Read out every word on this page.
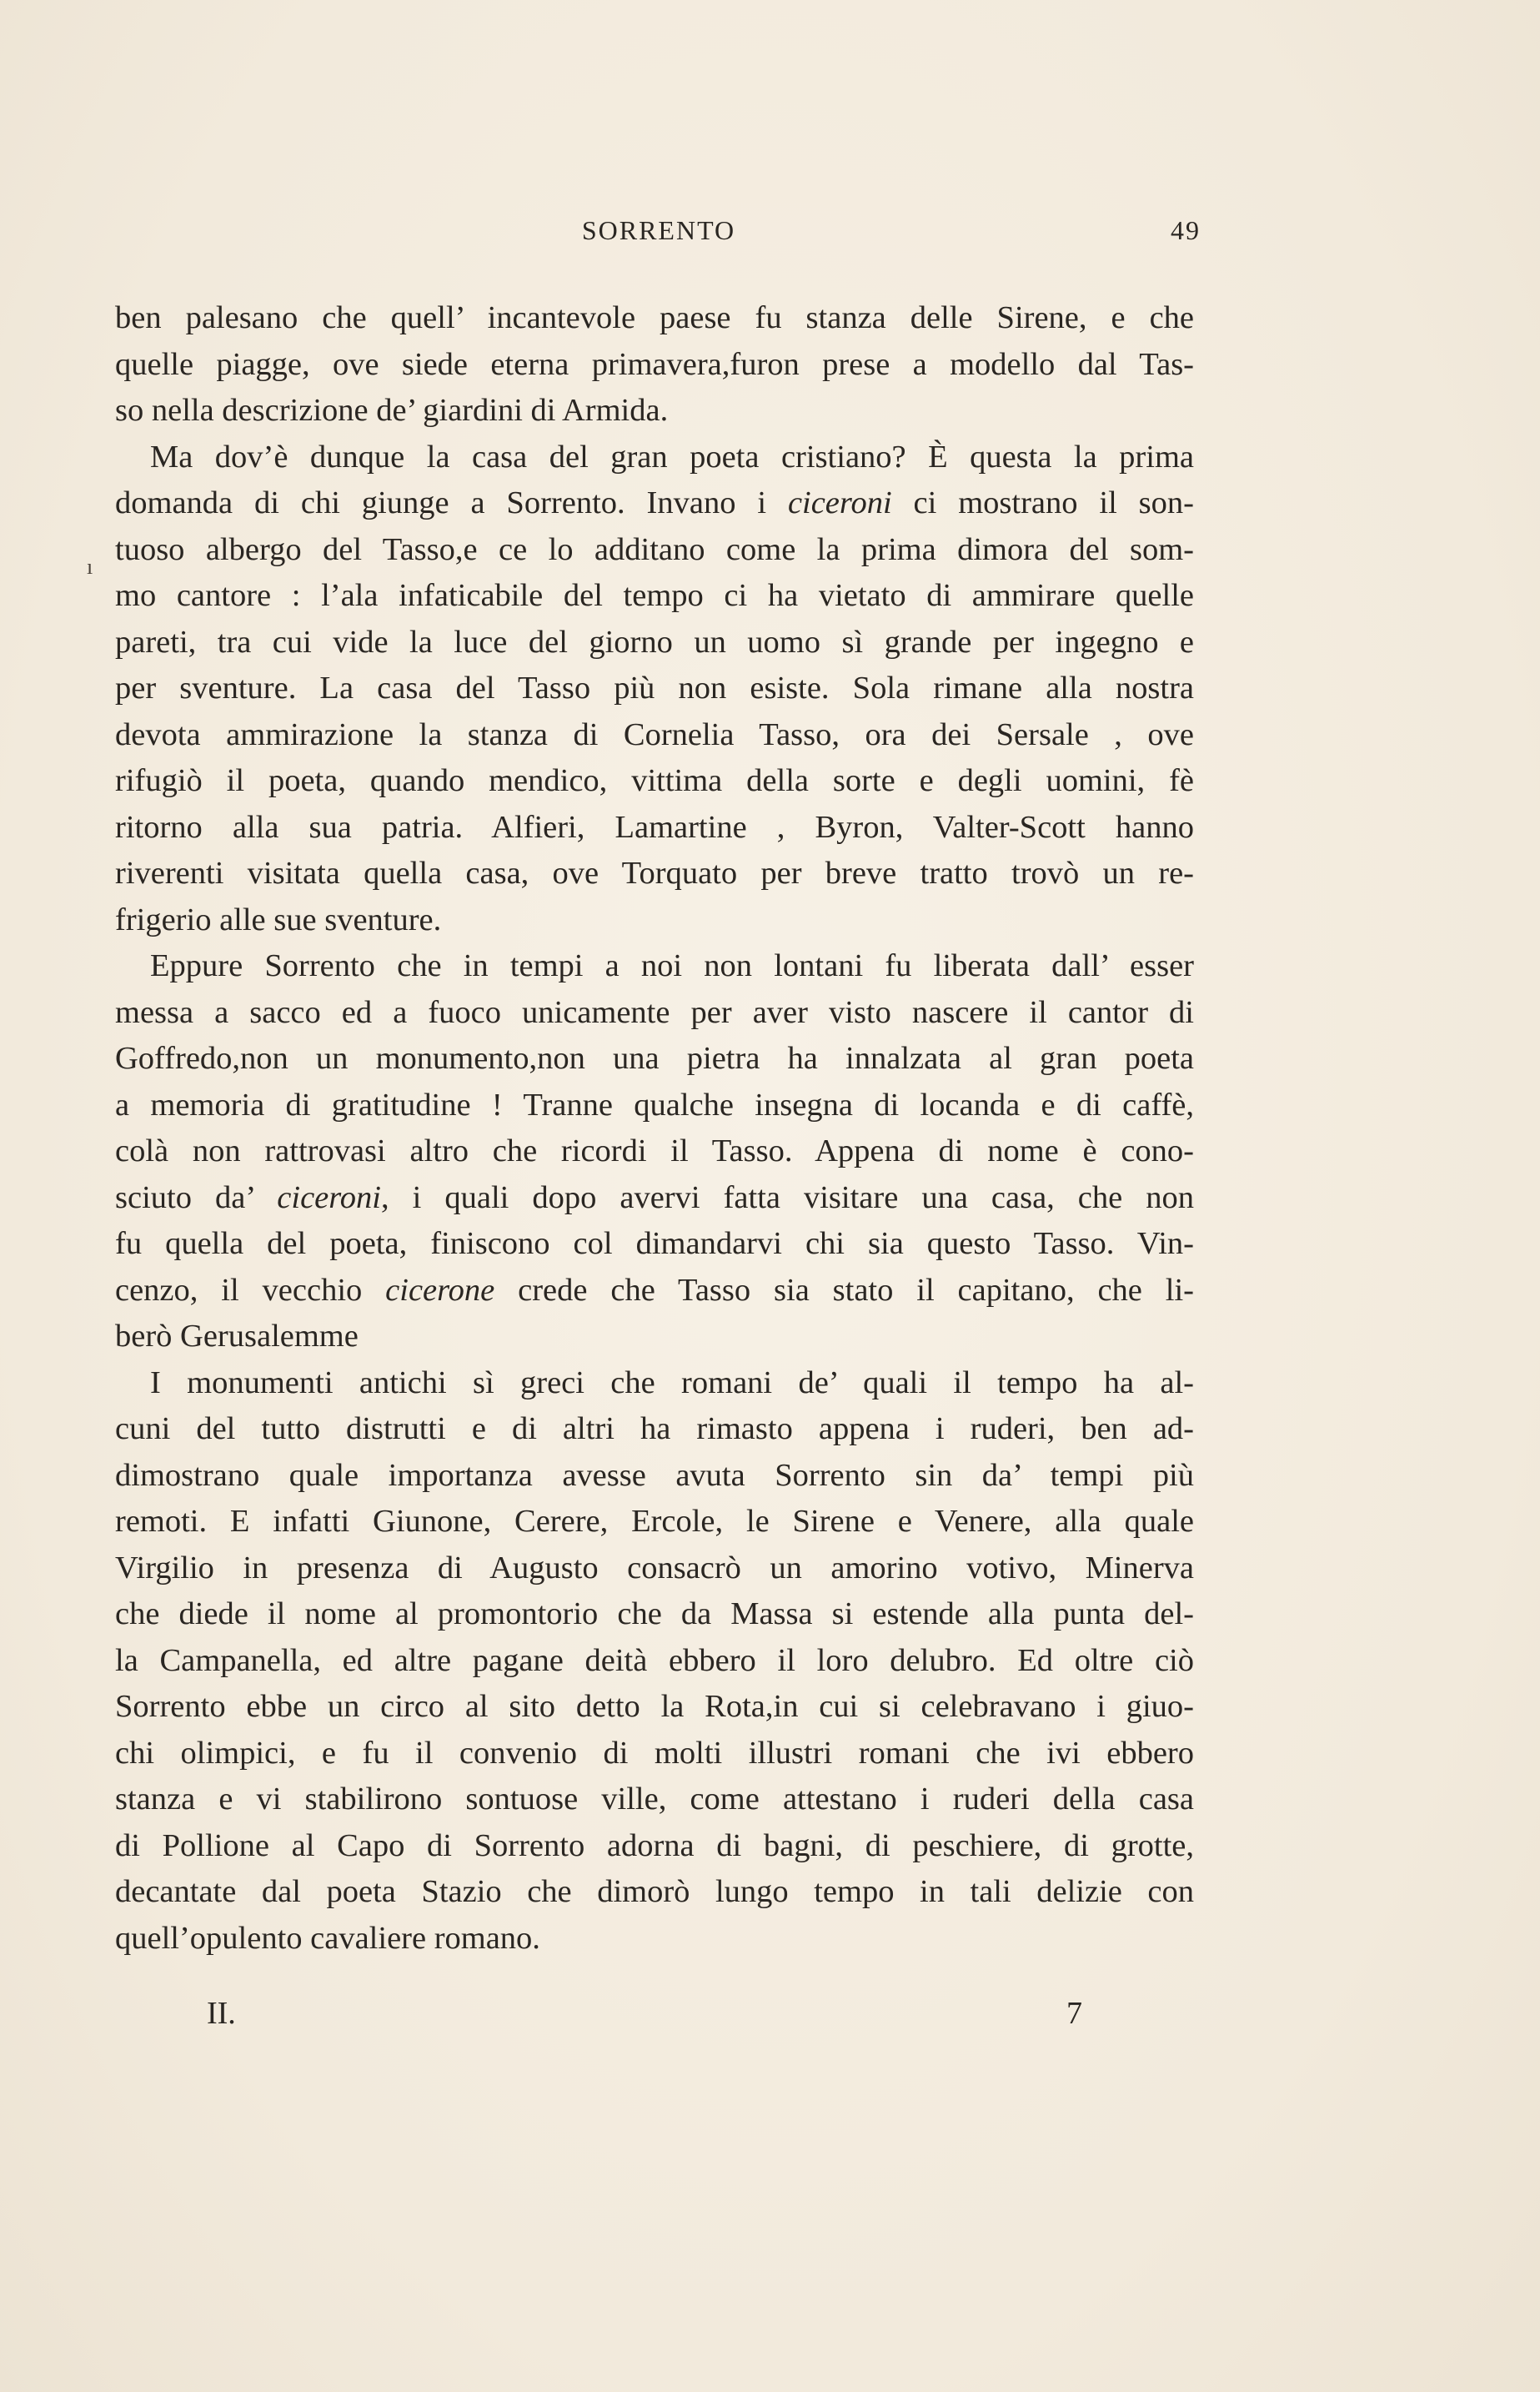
SORRENTO	49
ı
ben palesano che quell’ incantevole paese fu stanza delle Sirene, e che
quelle piagge, ove siede eterna primavera,furon prese a modello dal Tas-
so nella descrizione de’ giardini di Armida.
Ma dov’è dunque la casa del gran poeta cristiano? È questa la prima
domanda di chi giunge a Sorrento. Invano i ciceroni ci mostrano il son-
tuoso albergo del Tasso,e ce lo additano come la prima dimora del som-
mo cantore : l’ala infaticabile del tempo ci ha vietato di ammirare quelle
pareti, tra cui vide la luce del giorno un uomo sì grande per ingegno e
per sventure. La casa del Tasso più non esiste. Sola rimane alla nostra
devota ammirazione la stanza di Cornelia Tasso, ora dei Sersale , ove
rifugiò il poeta, quando mendico, vittima della sorte e degli uomini, fè
ritorno alla sua patria. Alfieri, Lamartine , Byron, Valter-Scott hanno
riverenti visitata quella casa, ove Torquato per breve tratto trovò un re-
frigerio alle sue sventure.
Eppure Sorrento che in tempi a noi non lontani fu liberata dall’ esser
messa a sacco ed a fuoco unicamente per aver visto nascere il cantor di
Goffredo,non un monumento,non una pietra ha innalzata al gran poeta
a memoria di gratitudine ! Tranne qualche insegna di locanda e di caffè,
colà non rattrovasi altro che ricordi il Tasso. Appena di nome è cono-
sciuto da’ ciceroni, i quali dopo avervi fatta visitare una casa, che non
fu quella del poeta, finiscono col dimandarvi chi sia questo Tasso. Vin-
cenzo, il vecchio cicerone crede che Tasso sia stato il capitano, che li-
berò Gerusalemme
I monumenti antichi sì greci che romani de’ quali il tempo ha al-
cuni del tutto distrutti e di altri ha rimasto appena i ruderi, ben ad-
dimostrano quale importanza avesse avuta Sorrento sin da’ tempi più
remoti. E infatti Giunone, Cerere, Ercole, le Sirene e Venere, alla quale
Virgilio in presenza di Augusto consacrò un amorino votivo, Minerva
che diede il nome al promontorio che da Massa si estende alla punta del-
la Campanella, ed altre pagane deità ebbero il loro delubro. Ed oltre ciò
Sorrento ebbe un circo al sito detto la Rota,in cui si celebravano i giuo-
chi olimpici, e fu il convenio di molti illustri romani che ivi ebbero
stanza e vi stabilirono sontuose ville, come attestano i ruderi della casa
di Pollione al Capo di Sorrento adorna di bagni, di peschiere, di grotte,
decantate dal poeta Stazio che dimorò lungo tempo in tali delizie con
quell’opulento cavaliere romano.
II.	7
